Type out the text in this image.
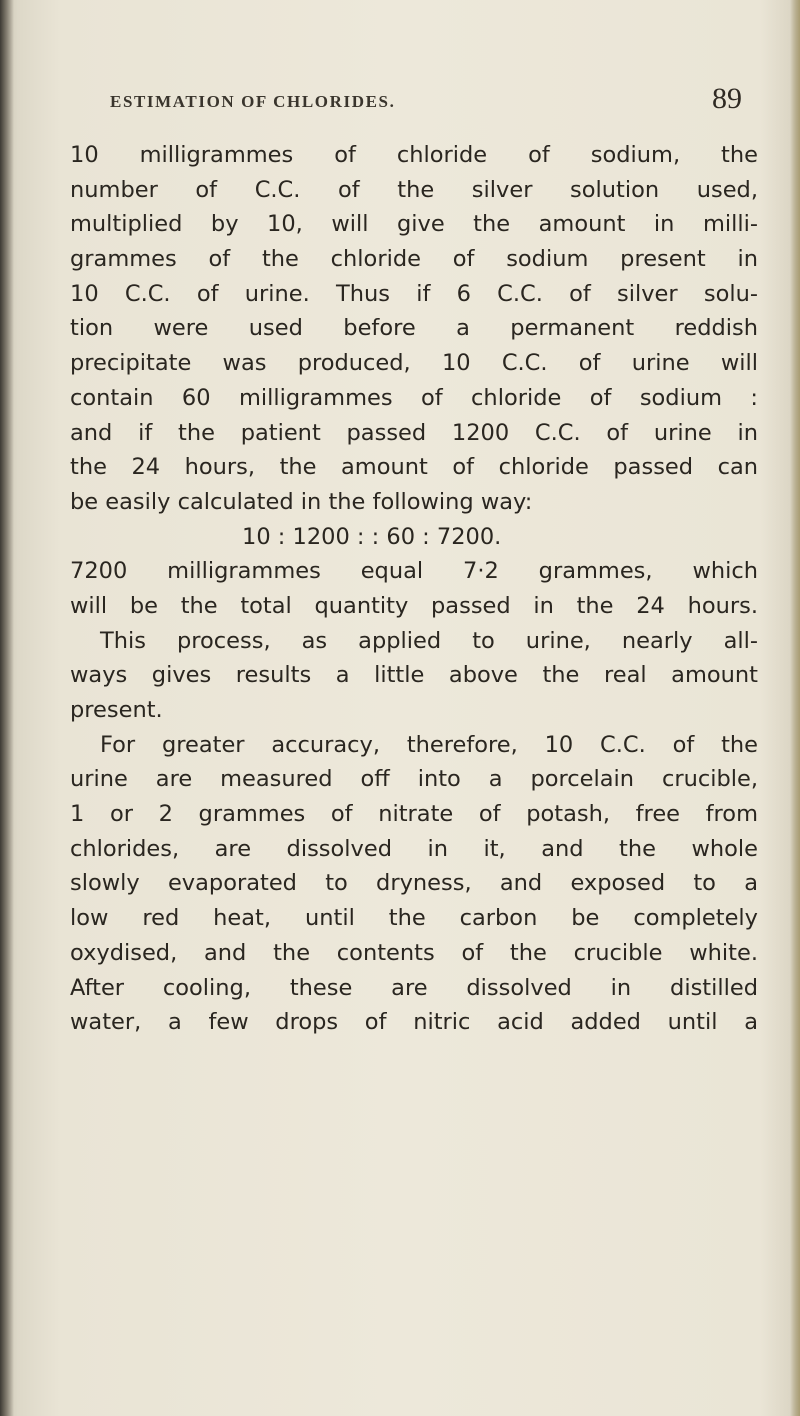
ESTIMATION OF CHLORIDES.	89
10 milligrammes of chloride of sodium, the
number of C.C. of the silver solution used,
multiplied by 10, will give the amount in milli-
grammes of the chloride of sodium present in
10 C.C. of urine. Thus if 6 C.C. of silver solu-
tion were used before a permanent reddish
precipitate was produced, 10 C.C. of urine will
contain 60 milligrammes of chloride of sodium :
and if the patient passed 1200 C.C. of urine in
the 24 hours, the amount of chloride passed can
be easily calculated in the following way:
10 : 1200 : : 60 : 7200.
7200 milligrammes equal 7·2 grammes, which
will be the total quantity passed in the 24 hours.
This process, as applied to urine, nearly all-
ways gives results a little above the real amount
present.
For greater accuracy, therefore, 10 C.C. of the
urine are measured off into a porcelain crucible,
1 or 2 grammes of nitrate of potash, free from
chlorides, are dissolved in it, and the whole
slowly evaporated to dryness, and exposed to a
low red heat, until the carbon be completely
oxydised, and the contents of the crucible white.
After cooling, these are dissolved in distilled
water, a few drops of nitric acid added until a
